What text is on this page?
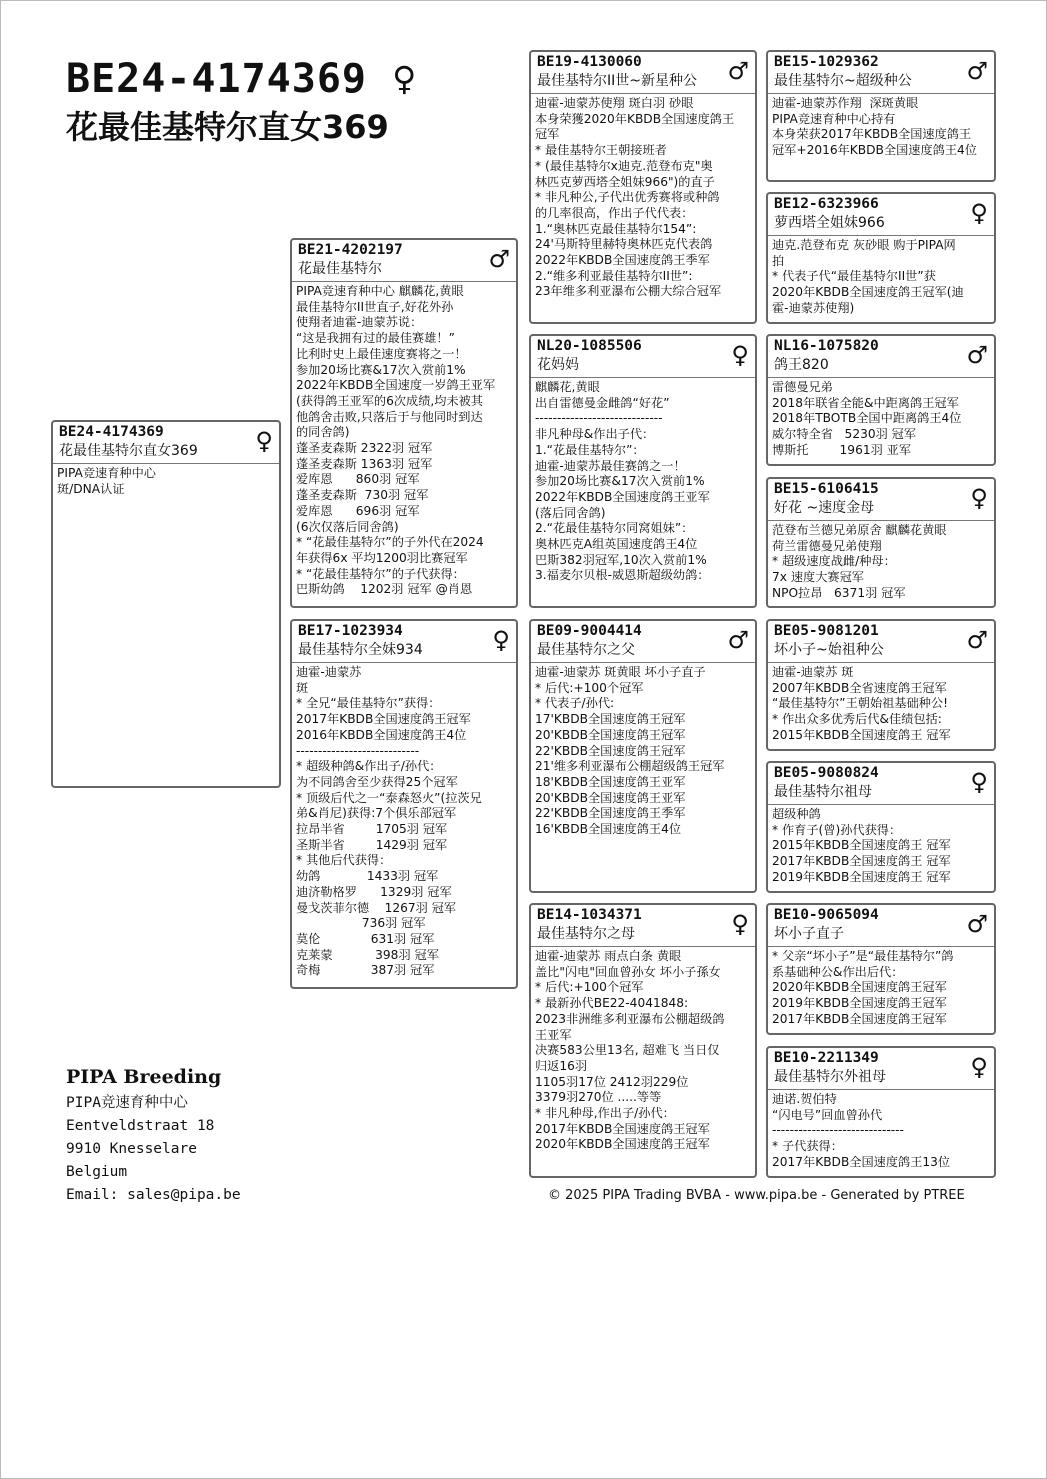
BE24-4174369 ♀
花最佳基特尔直女369
BE24-4174369
花最佳基特尔直女369	♀
PIPA竞速育种中心
斑/DNA认证
BE21-4202197
花最佳基特尔	♂
PIPA竞速育种中心 麒麟花,黄眼
最佳基特尔II世直子,好花外孙
使翔者迪霍-迪蒙苏说：
“这是我拥有过的最佳赛雄！”
比利时史上最佳速度赛将之一！
参加20场比赛&17次入赏前1%
2022年KBDB全国速度一岁鸽王亚军
(获得鸽王亚军的6次成绩,均未被其
他鸽舍击败,只落后于与他同时到达
的同舍鸽)
蓬圣麦森斯 2322羽 冠军
蓬圣麦森斯 1363羽 冠军
爱库恩      860羽 冠军
蓬圣麦森斯  730羽 冠军
爱库恩      696羽 冠军
(6次仅落后同舍鸽)
* “花最佳基特尔”的子外代在2024
年获得6x 平均1200羽比赛冠军
* “花最佳基特尔”的子代获得：
巴斯幼鸽    1202羽 冠军 @肖恩
BE17-1023934
最佳基特尔全妹934	♀
迪霍-迪蒙苏
斑
* 全兄“最佳基特尔”获得：
2017年KBDB全国速度鸽王冠军
2016年KBDB全国速度鸽王4位
----------------------------
* 超级种鸽&作出子/孙代：
为不同鸽舍至少获得25个冠军
* 顶级后代之一“泰森怒火”(拉茨兄
弟&肖尼)获得:7个俱乐部冠军
拉昂半省        1705羽 冠军
圣斯半省        1429羽 冠军
* 其他后代获得：
幼鸽            1433羽 冠军
迪济勒格罗      1329羽 冠军
曼戈茨菲尔德    1267羽 冠军
736羽 冠军
莫伦             631羽 冠军
克莱蒙           398羽 冠军
奇梅             387羽 冠军
BE19-4130060
最佳基特尔II世~新星种公	♂
迪霍-迪蒙苏使翔 斑白羽 砂眼
本身荣獲2020年KBDB全国速度鸽王
冠军
* 最佳基特尔王朝接班者
* (最佳基特尔x迪克.范登布克"奥
林匹克萝西塔全姐妹966")的直子
* 非凡种公,子代出优秀赛将或种鸽
的几率很高，作出子代代表：
1.“奥林匹克最佳基特尔154”:
24'马斯特里赫特奥林匹克代表鸽
2022年KBDB全国速度鸽王季军
2.“维多利亚最佳基特尔II世”:
23年维多利亚瀑布公棚大综合冠军
NL20-1085506
花妈妈	♀
麒麟花,黄眼
出自雷德曼金雌鸽“好花”
-----------------------------
非凡种母&作出子代：
1.“花最佳基特尔”：
迪霍-迪蒙苏最佳赛鸽之一！
参加20场比赛&17次入赏前1%
2022年KBDB全国速度鸽王亚军
(落后同舍鸽)
2.“花最佳基特尔同窝姐妹”：
奥林匹克A组英国速度鸽王4位
巴斯382羽冠军,10次入赏前1%
3.福麦尔贝根-威恩斯超级幼鸽：
BE09-9004414
最佳基特尔之父	♂
迪霍-迪蒙苏 斑黄眼 坏小子直子
* 后代:+100个冠军
* 代表子/孙代:
17'KBDB全国速度鸽王冠军
20'KBDB全国速度鸽王冠军
22'KBDB全国速度鸽王冠军
21'维多利亚瀑布公棚超级鸽王冠军
18'KBDB全国速度鸽王亚军
20'KBDB全国速度鸽王亚军
22'KBDB全国速度鸽王季军
16'KBDB全国速度鸽王4位
BE14-1034371
最佳基特尔之母	♀
迪霍-迪蒙苏 雨点白条 黄眼
盖比"闪电"回血曾孙女 坏小子孫女
* 后代:+100个冠军
* 最新孙代BE22-4041848:
2023非洲维多利亚瀑布公棚超级鸽
王亚军
决赛583公里13名, 超难飞 当日仅
归返16羽
1105羽17位 2412羽229位
3379羽270位 .....等等
* 非凡种母,作出子/孙代：
2017年KBDB全国速度鸽王冠军
2020年KBDB全国速度鸽王冠军
BE15-1029362
最佳基特尔~超级种公	♂
迪霍-迪蒙苏作翔  深斑黄眼
PIPA竞速育种中心持有
本身荣获2017年KBDB全国速度鸽王
冠军+2016年KBDB全国速度鸽王4位
BE12-6323966
萝西塔全姐妹966	♀
迪克.范登布克 灰砂眼 购于PIPA网
拍
* 代表子代“最佳基特尔II世”获
2020年KBDB全国速度鸽王冠军(迪
霍-迪蒙苏使翔)
NL16-1075820
鸽王820	♂
雷德曼兄弟
2018年联省全能&中距离鸽王冠军
2018年TBOTB全国中距离鸽王4位
威尔特全省   5230羽 冠军
博斯托        1961羽 亚军
BE15-6106415
好花 ~速度金母	♀
范登布兰德兄弟原舍 麒麟花黄眼
荷兰雷德曼兄弟使翔
* 超级速度战雌/种母：
7x 速度大赛冠军
NPO拉昂   6371羽 冠军
BE05-9081201
坏小子~始祖种公	♂
迪霍-迪蒙苏 斑
2007年KBDB全省速度鸽王冠军
“最佳基特尔”王朝始祖基础种公!
* 作出众多优秀后代&佳绩包括:
2015年KBDB全国速度鸽王 冠军
BE05-9080824
最佳基特尔祖母	♀
超级种鸽
* 作育子(曾)孙代获得：
2015年KBDB全国速度鸽王 冠军
2017年KBDB全国速度鸽王 冠军
2019年KBDB全国速度鸽王 冠军
BE10-9065094
坏小子直子	♂
* 父亲“坏小子”是“最佳基特尔”鸽
系基础种公&作出后代：
2020年KBDB全国速度鸽王冠军
2019年KBDB全国速度鸽王冠军
2017年KBDB全国速度鸽王冠军
BE10-2211349
最佳基特尔外祖母	♀
迪诺.贺伯特
“闪电号”回血曾孙代
------------------------------
* 子代获得：
2017年KBDB全国速度鸽王13位
PIPA Breeding
PIPA竞速育种中心
Eentveldstraat 18
9910 Knesselare
Belgium
Email: sales@pipa.be	© 2025 PIPA Trading BVBA - www.pipa.be - Generated by PTREE
